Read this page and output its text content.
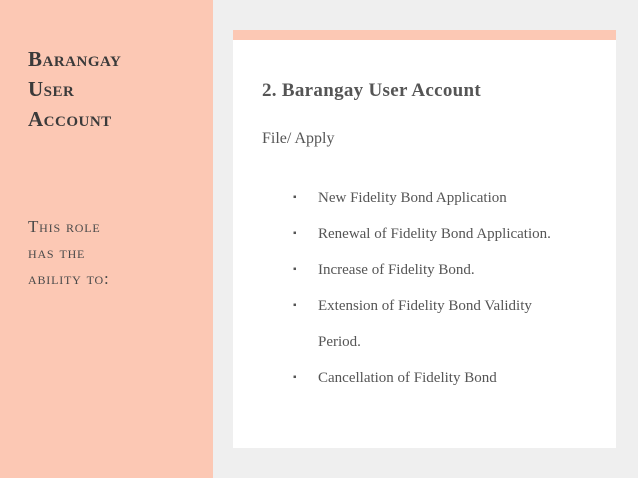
Barangay
User
Account
This role
has the
ability to:
2. Barangay User Account
File/ Apply
▪ New Fidelity Bond Application
▪ Renewal of Fidelity Bond Application.
▪ Increase of Fidelity Bond.
▪ Extension of Fidelity Bond Validity
Period.
▪ Cancellation of Fidelity Bond
